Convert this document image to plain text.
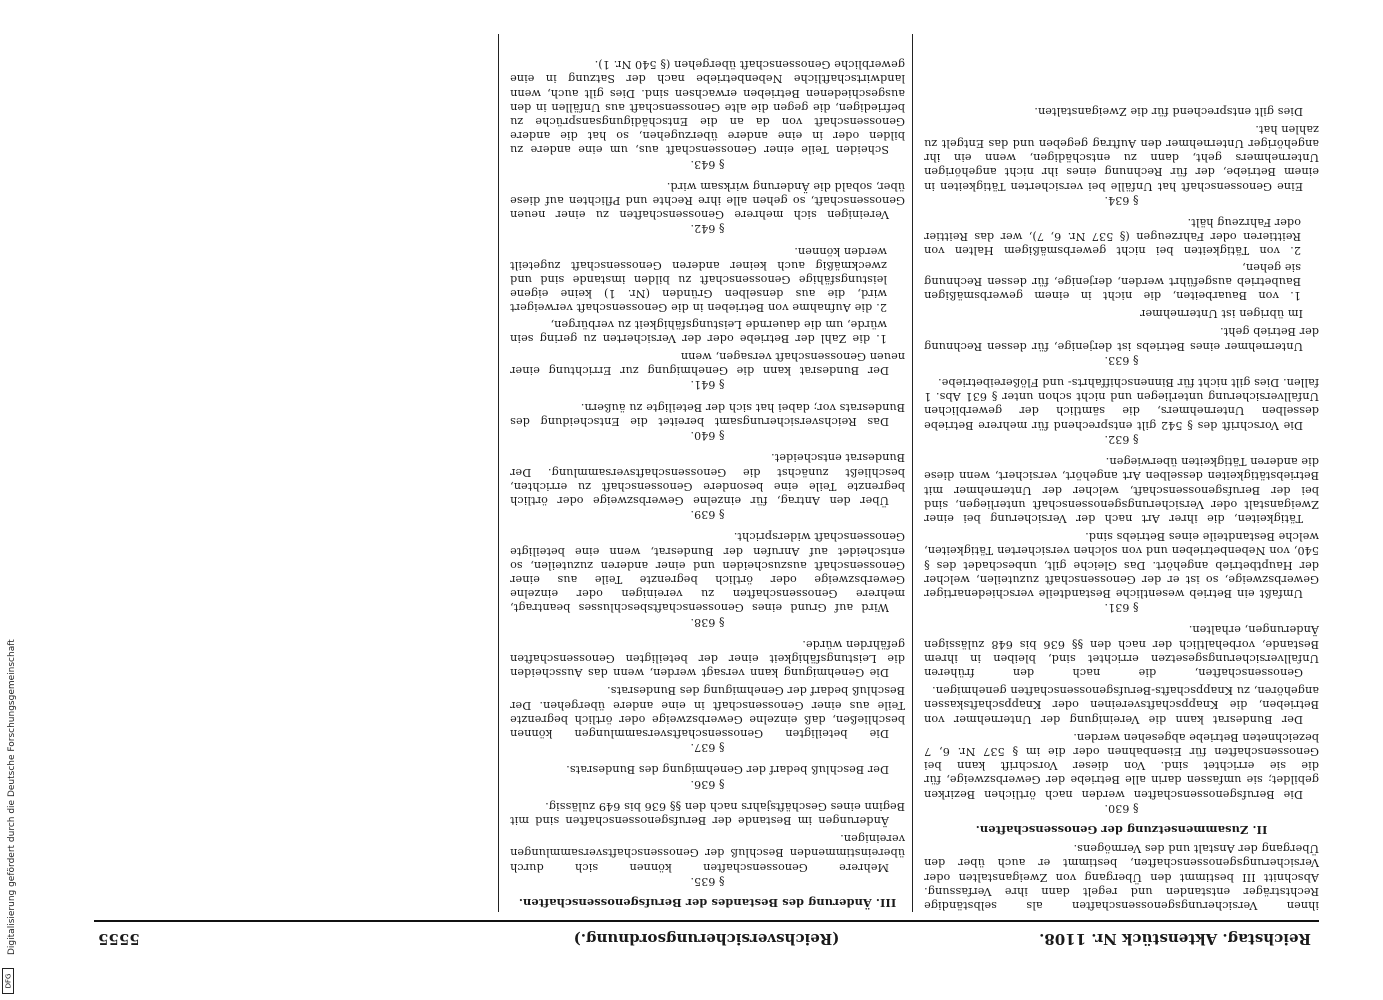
Reichstag. Aktenstück Nr. 1108.
(Reichsversicherungsordnung.)
5555

ihnen Versicherungsgenossenschaften als selbständige Rechtsträger entstanden und regelt dann ihre Verfassung. Abschnitt III bestimmt den Übergang von Zweiganstalten oder Versicherungsgenossenschaften, bestimmt er auch über den Übergang der Anstalt und des Vermögens.

II. Zusammensetzung der Genossenschaften.
§ 630.

Die Berufsgenossenschaften werden nach örtlichen Bezirken gebildet; sie umfassen darin alle Betriebe der Gewerbszweige, für die sie errichtet sind. Von dieser Vorschrift kann bei Genossenschaften für Eisenbahnen oder die im § 537 Nr. 6, 7 bezeichneten Betriebe abgesehen werden.

Der Bundesrat kann die Vereinigung der Unternehmer von Betrieben, die Knappschaftsvereinen oder Knappschaftskassen angehören, zu Knappschafts-Berufsgenossenschaften genehmigen.

Genossenschaften, die nach den früheren Unfallversicherungsgesetzen errichtet sind, bleiben in ihrem Bestande, vorbehaltlich der nach den §§ 636 bis 648 zulässigen Änderungen, erhalten.

§ 631.

Umfaßt ein Betrieb wesentliche Bestandteile verschiedenartiger Gewerbszweige, so ist er der Genossenschaft zuzuteilen, welcher der Hauptbetrieb angehört. Das Gleiche gilt, unbeschadet des § 540, von Nebenbetrieben und von solchen versicherten Tätigkeiten, welche Bestandteile eines Betriebs sind.

Tätigkeiten, die ihrer Art nach der Versicherung bei einer Zweiganstalt oder Versicherungsgenossenschaft unterliegen, sind bei der Berufsgenossenschaft, welcher der Unternehmer mit Betriebstätigkeiten desselben Art angehört, versichert, wenn diese die anderen Tätigkeiten überwiegen.

§ 632.

Die Vorschrift des § 542 gilt entsprechend für mehrere Betriebe desselben Unternehmers, die sämtlich der gewerblichen Unfallversicherung unterliegen und nicht schon unter § 631 Abs. 1 fallen. Dies gilt nicht für Binnenschiffahrts- und Flößereibetriebe.

§ 633.

Unternehmer eines Betriebs ist derjenige, für dessen Rechnung der Betrieb geht.

Im übrigen ist Unternehmer

1. von Bauarbeiten, die nicht in einem gewerbsmäßigen Baubetrieb ausgeführt werden, derjenige, für dessen Rechnung sie gehen,
2. von Tätigkeiten bei nicht gewerbsmäßigem Halten von Reittieren oder Fahrzeugen (§ 537 Nr. 6, 7), wer das Reittier oder Fahrzeug hält.
§ 634.

Eine Genossenschaft hat Unfälle bei versicherten Tätigkeiten in einem Betriebe, der für Rechnung eines ihr nicht angehörigen Unternehmers geht, dann zu entschädigen, wenn ein ihr angehöriger Unternehmer den Auftrag gegeben und das Entgelt zu zahlen hat.

Dies gilt entsprechend für die Zweiganstalten.

III. Änderung des Bestandes der Berufsgenossenschaften.
§ 635.

Mehrere Genossenschaften können sich durch übereinstimmenden Beschluß der Genossenschaftsversammlungen vereinigen.

Änderungen im Bestande der Berufsgenossenschaften sind mit Beginn eines Geschäftsjahrs nach den §§ 636 bis 649 zulässig.

§ 636.

Der Beschluß bedarf der Genehmigung des Bundesrats.

§ 637.

Die beteiligten Genossenschaftsversammlungen können beschließen, daß einzelne Gewerbszweige oder örtlich begrenzte Teile aus einer Genossenschaft in eine andere übergehen. Der Beschluß bedarf der Genehmigung des Bundesrats.

Die Genehmigung kann versagt werden, wenn das Ausscheiden die Leistungsfähigkeit einer der beteiligten Genossenschaften gefährden würde.

§ 638.

Wird auf Grund eines Genossenschaftsbeschlusses beantragt, mehrere Genossenschaften zu vereinigen oder einzelne Gewerbszweige oder örtlich begrenzte Teile aus einer Genossenschaft auszuscheiden und einer anderen zuzuteilen, so entscheidet auf Anrufen der Bundesrat, wenn eine beteiligte Genossenschaft widerspricht.

§ 639.

Über den Antrag, für einzelne Gewerbszweige oder örtlich begrenzte Teile eine besondere Genossenschaft zu errichten, beschließt zunächst die Genossenschaftsversammlung. Der Bundesrat entscheidet.

§ 640.

Das Reichsversicherungsamt bereitet die Entscheidung des Bundesrats vor; dabei hat sich der Beteiligte zu äußern.

§ 641.

Der Bundesrat kann die Genehmigung zur Errichtung einer neuen Genossenschaft versagen, wenn

1. die Zahl der Betriebe oder der Versicherten zu gering sein würde, um die dauernde Leistungsfähigkeit zu verbürgen,
2. die Aufnahme von Betrieben in die Genossenschaft verweigert wird, die aus denselben Gründen (Nr. 1) keine eigene leistungsfähige Genossenschaft zu bilden imstande sind und zweckmäßig auch keiner anderen Genossenschaft zugeteilt werden können.
§ 642.

Vereinigen sich mehrere Genossenschaften zu einer neuen Genossenschaft, so gehen alle ihre Rechte und Pflichten auf diese über, sobald die Änderung wirksam wird.

§ 643.

Scheiden Teile einer Genossenschaft aus, um eine andere zu bilden oder in eine andere überzugehen, so hat die andere Genossenschaft von da an die Entschädigungsansprüche zu befriedigen, die gegen die alte Genossenschaft aus Unfällen in den ausgeschiedenen Betrieben erwachsen sind. Dies gilt auch, wenn landwirtschaftliche Nebenbetriebe nach der Satzung in eine gewerbliche Genossenschaft übergehen (§ 540 Nr. 1).

Digitalisierung gefördert durch die Deutsche Forschungsgemeinschaft
DFG
